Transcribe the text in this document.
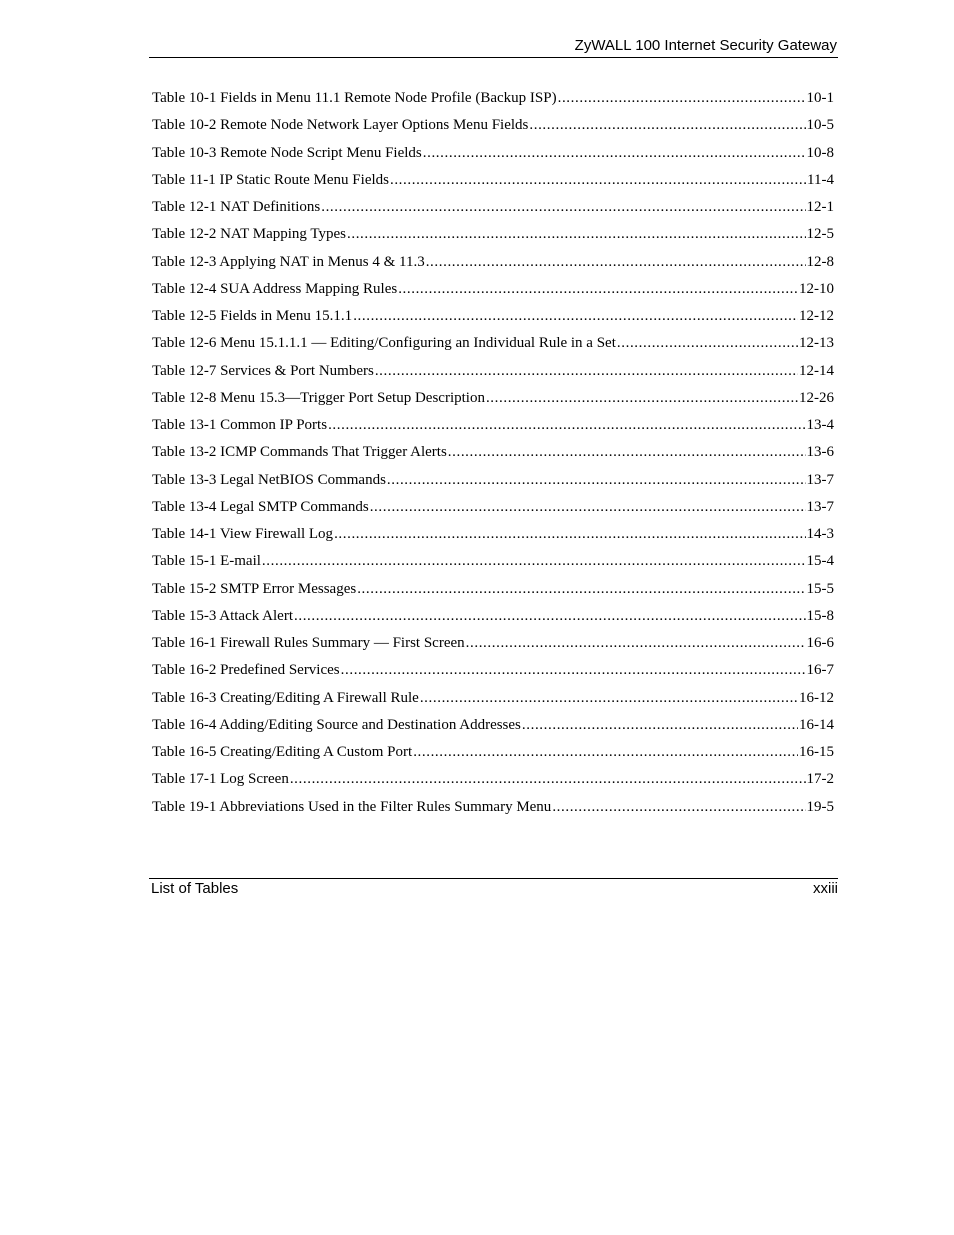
ZyWALL 100 Internet Security Gateway
Table 10-1 Fields in Menu 11.1 Remote Node Profile (Backup ISP) .....	10-1
Table 10-2 Remote Node Network Layer Options Menu Fields .....	10-5
Table 10-3 Remote Node Script Menu Fields .....	10-8
Table 11-1 IP Static Route Menu Fields .....	11-4
Table 12-1 NAT Definitions .....	12-1
Table 12-2 NAT Mapping Types .....	12-5
Table 12-3 Applying NAT in Menus 4 & 11.3 .....	12-8
Table 12-4 SUA Address Mapping Rules .....	12-10
Table 12-5 Fields in Menu 15.1.1 .....	12-12
Table 12-6 Menu 15.1.1.1 — Editing/Configuring an Individual Rule in a Set .....	12-13
Table 12-7 Services & Port Numbers .....	12-14
Table 12-8 Menu 15.3—Trigger Port Setup Description .....	12-26
Table 13-1 Common IP Ports .....	13-4
Table 13-2 ICMP Commands That Trigger Alerts .....	13-6
Table 13-3 Legal NetBIOS Commands .....	13-7
Table 13-4 Legal SMTP Commands .....	13-7
Table 14-1 View Firewall Log .....	14-3
Table 15-1 E-mail .....	15-4
Table 15-2 SMTP Error Messages .....	15-5
Table 15-3 Attack Alert .....	15-8
Table 16-1 Firewall Rules Summary — First Screen .....	16-6
Table 16-2 Predefined Services .....	16-7
Table 16-3 Creating/Editing A Firewall Rule .....	16-12
Table 16-4 Adding/Editing Source and Destination Addresses .....	16-14
Table 16-5 Creating/Editing A Custom Port .....	16-15
Table 17-1 Log Screen .....	17-2
Table 19-1 Abbreviations Used in the Filter Rules Summary Menu .....	19-5
List of Tables	xxiii
